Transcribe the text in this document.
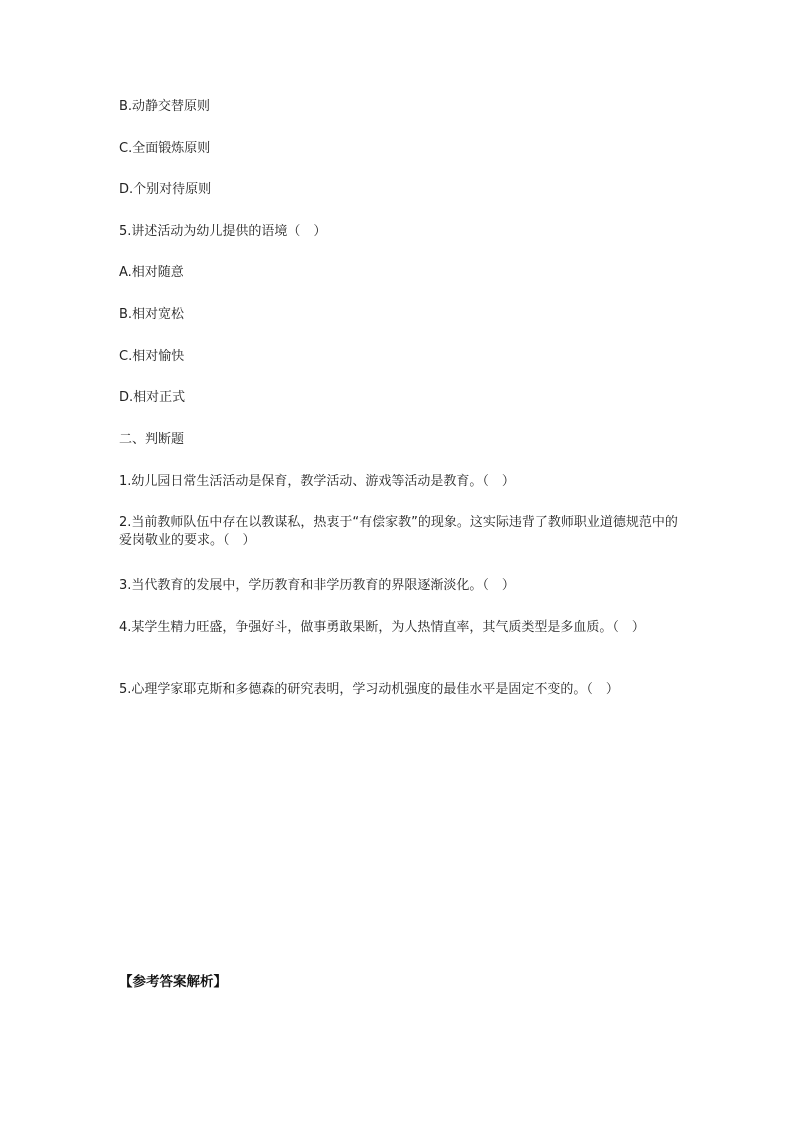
B.动静交替原则
C.全面锻炼原则
D.个别对待原则
5.讲述活动为幼儿提供的语境（　）
A.相对随意
B.相对宽松
C.相对愉快
D.相对正式
二、判断题
1.幼儿园日常生活活动是保育，教学活动、游戏等活动是教育。（　）
2.当前教师队伍中存在以教谋私，热衷于“有偿家教”的现象。这实际违背了教师职业道德规范中的爱岗敬业的要求。（　）
3.当代教育的发展中，学历教育和非学历教育的界限逐渐淡化。（　）
4.某学生精力旺盛，争强好斗，做事勇敢果断，为人热情直率，其气质类型是多血质。（　）
5.心理学家耶克斯和多德森的研究表明，学习动机强度的最佳水平是固定不变的。（　）
【参考答案解析】
